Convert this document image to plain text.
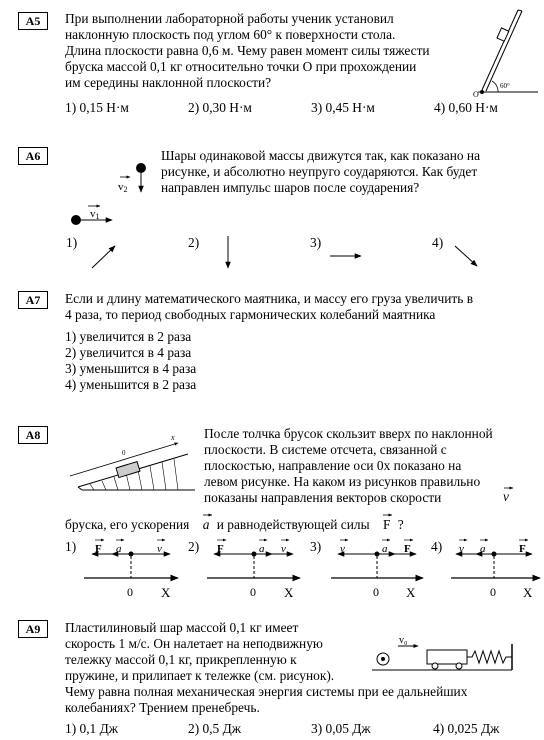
А5	При выполнении лабораторной работы ученик установил
наклонную плоскость под углом 60° к поверхности стола.
Длина плоскости равна 0,6 м. Чему равен момент силы тяжести
бруска массой 0,1 кг относительно точки О при прохождении
им середины наклонной плоскости?	60°
О
1) 0,15 Н·м	2) 0,30 Н·м	3) 0,45 Н·м	4) 0,60 Н·м
А6	Шары одинаковой массы движутся так, как показано на
рисунке, и абсолютно неупруго соударяются. Как будет
направлен импульс шаров после соударения?
v2
v1
1)	2)	3)	4)
А7	Если и длину математического маятника, и массу его груза увеличить в
4 раза, то период свободных гармонических колебаний маятника
1) увеличится в 2 раза
2) увеличится в 4 раза
3) уменьшится в 4 раза
4) уменьшится в 2 раза
А8	x
0
После толчка брусок скользит вверх по наклонной
плоскости. В системе отсчета, связанной с
плоскостью, направление оси 0x показано на
левом рисунке. На каком из рисунков правильно
показаны направления векторов скорости	v
бруска, его ускорения a и равнодействующей силы F ?
1)	2)	3)	4)
F a	v
0 X
F	a v
0 X
v	a F
0 X
v a	F
0 X
А9	Пластилиновый шар массой 0,1 кг имеет
скорость 1 м/с. Он налетает на неподвижную
тележку массой 0,1 кг, прикрепленную к
пружине, и прилипает к тележке (см. рисунок).
v₀
Чему равна полная механическая энергия системы при ее дальнейших
колебаниях? Трением пренебречь.
1) 0,1 Дж	2) 0,5 Дж	3) 0,05 Дж	4) 0,025 Дж
